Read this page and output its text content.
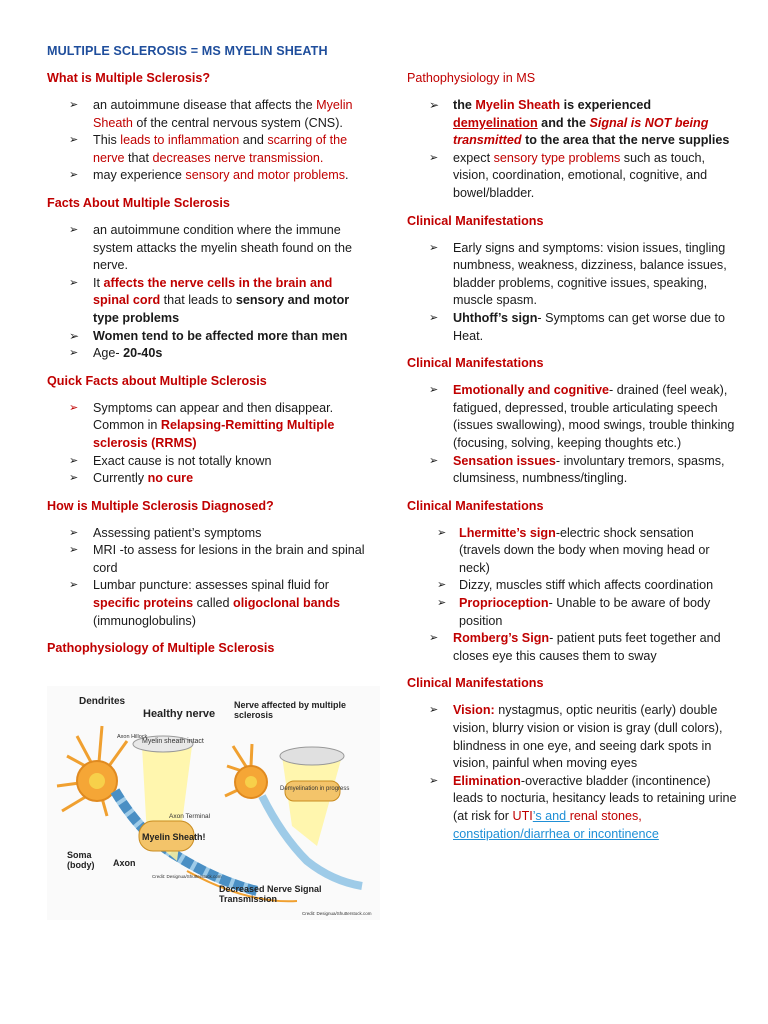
MULTIPLE SCLEROSIS = MS MYELIN SHEATH
What is Multiple Sclerosis?
➢ an autoimmune disease that affects the Myelin Sheath of the central nervous system (CNS).
➢ This leads to inflammation and scarring of the nerve that decreases nerve transmission.
➢ may experience sensory and motor problems.
Facts About Multiple Sclerosis
➢ an autoimmune condition where the immune system attacks the myelin sheath found on the nerve.
➢ It affects the nerve cells in the brain and spinal cord that leads to sensory and motor type problems
➢ Women tend to be affected more than men
➢ Age- 20-40s
Quick Facts about Multiple Sclerosis
➢ Symptoms can appear and then disappear. Common in Relapsing-Remitting Multiple sclerosis (RRMS)
➢ Exact cause is not totally known
➢ Currently no cure
How is Multiple Sclerosis Diagnosed?
➢ Assessing patient’s symptoms
➢ MRI -to assess for lesions in the brain and spinal cord
➢ Lumbar puncture: assesses spinal fluid for specific proteins called oligoclonal bands (immunoglobulins)
Pathophysiology of Multiple Sclerosis
Dendrites
Healthy nerve
Nerve affected by multiple sclerosis
Axon Hillock
Myelin sheath intact
Axon Terminal
Myelin Sheath!
Demyelination in progress
Soma (body) Axon
Decreased Nerve Signal Transmission
Credit: Designua/Shutterstock.com
Credit: Designua/Shutterstock.com
Pathophysiology in MS
➢ the Myelin Sheath is experienced demyelination and the Signal is NOT being transmitted to the area that the nerve supplies
➢ expect sensory type problems such as touch, vision, coordination, emotional, cognitive, and bowel/bladder.
Clinical Manifestations
➢ Early signs and symptoms: vision issues, tingling numbness, weakness, dizziness, balance issues, bladder problems, cognitive issues, speaking, muscle spasm.
➢ Uhthoff’s sign- Symptoms can get worse due to Heat.
Clinical Manifestations
➢ Emotionally and cognitive- drained (feel weak), fatigued, depressed, trouble articulating speech (issues swallowing), mood swings, trouble thinking (focusing, solving, keeping thoughts etc.)
➢ Sensation issues- involuntary tremors, spasms, clumsiness, numbness/tingling.
Clinical Manifestations
➢ Lhermitte’s sign-electric shock sensation (travels down the body when moving head or neck)
➢ Dizzy, muscles stiff which affects coordination
➢ Proprioception- Unable to be aware of body position
➢ Romberg’s Sign- patient puts feet together and closes eye this causes them to sway
Clinical Manifestations
➢ Vision: nystagmus, optic neuritis (early) double vision, blurry vision or vision is gray (dull colors), blindness in one eye, and seeing dark spots in vision, painful when moving eyes
➢ Elimination-overactive bladder (incontinence) leads to nocturia, hesitancy leads to retaining urine (at risk for UTI’s and renal stones, constipation/diarrhea or incontinence
